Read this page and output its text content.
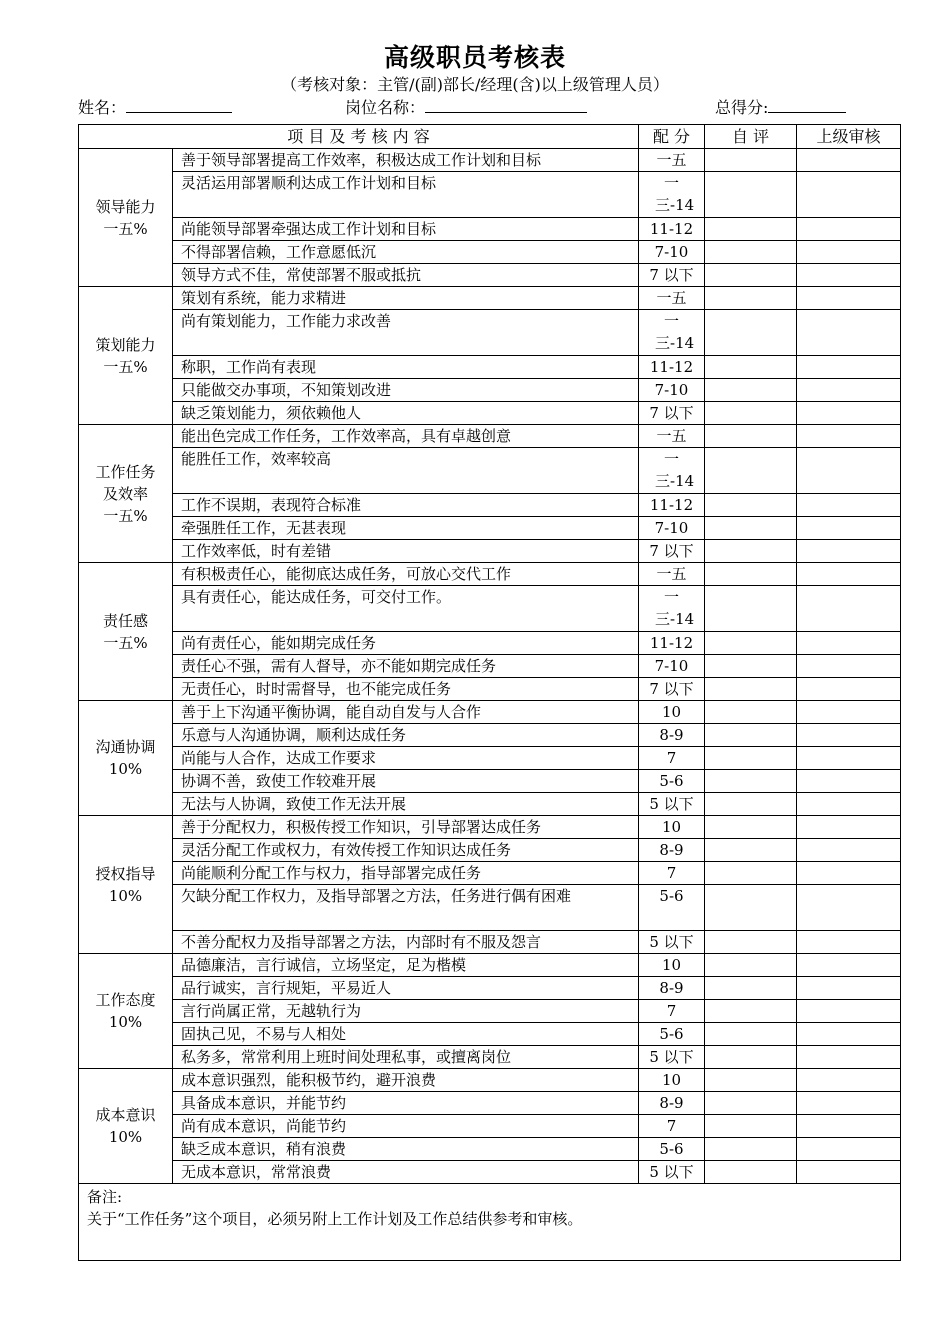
高级职员考核表
（考核对象：主管/(副)部长/经理(含)以上级管理人员）
姓名：	岗位名称：	总得分:
项 目 及 考 核 内 容		配 分	自 评	上级审核

领导能力
一五%	善于领导部署提高工作效率，积极达成工作计划和目标	一五		
	灵活运用部署顺利达成工作计划和目标	一三-14		
	尚能领导部署牵强达成工作计划和目标	11-12		
	不得部署信赖，工作意愿低沉	7-10		
	领导方式不佳，常使部署不服或抵抗	7 以下		

策划能力
一五%	策划有系统，能力求精进	一五		
	尚有策划能力，工作能力求改善	一三-14		
	称职，工作尚有表现	11-12		
	只能做交办事项，不知策划改进	7-10		
	缺乏策划能力，须依赖他人	7 以下		

工作任务及效率
一五%	能出色完成工作任务，工作效率高，具有卓越创意	一五		
	能胜任工作，效率较高	一三-14		
	工作不误期，表现符合标准	11-12		
	牵强胜任工作，无甚表现	7-10		
	工作效率低，时有差错	7 以下		

责任感
一五%	有积极责任心，能彻底达成任务，可放心交代工作	一五		
	具有责任心，能达成任务，可交付工作。	一三-14		
	尚有责任心，能如期完成任务	11-12		
	责任心不强，需有人督导，亦不能如期完成任务	7-10		
	无责任心，时时需督导，也不能完成任务	7 以下		

沟通协调
10%	善于上下沟通平衡协调，能自动自发与人合作	10		
	乐意与人沟通协调，顺利达成任务	8-9		
	尚能与人合作，达成工作要求	7		
	协调不善，致使工作较难开展	5-6		
	无法与人协调，致使工作无法开展	5 以下		

授权指导
10%	善于分配权力，积极传授工作知识，引导部署达成任务	10		
	灵活分配工作或权力，有效传授工作知识达成任务	8-9		
	尚能顺利分配工作与权力，指导部署完成任务	7		
	欠缺分配工作权力，及指导部署之方法，任务进行偶有困难	5-6		
	不善分配权力及指导部署之方法，内部时有不服及怨言	5 以下		

工作态度
10%	品德廉洁，言行诚信，立场坚定，足为楷模	10		
	品行诚实，言行规矩，平易近人	8-9		
	言行尚属正常，无越轨行为	7		
	固执己见，不易与人相处	5-6		
	私务多，常常利用上班时间处理私事，或擅离岗位	5 以下		

成本意识
10%	成本意识强烈，能积极节约，避开浪费	10		
	具备成本意识，并能节约	8-9		
	尚有成本意识，尚能节约	7		
	缺乏成本意识，稍有浪费	5-6		
	无成本意识，常常浪费	5 以下		

备注:
关于“工作任务”这个项目，必须另附上工作计划及工作总结供参考和审核。				
